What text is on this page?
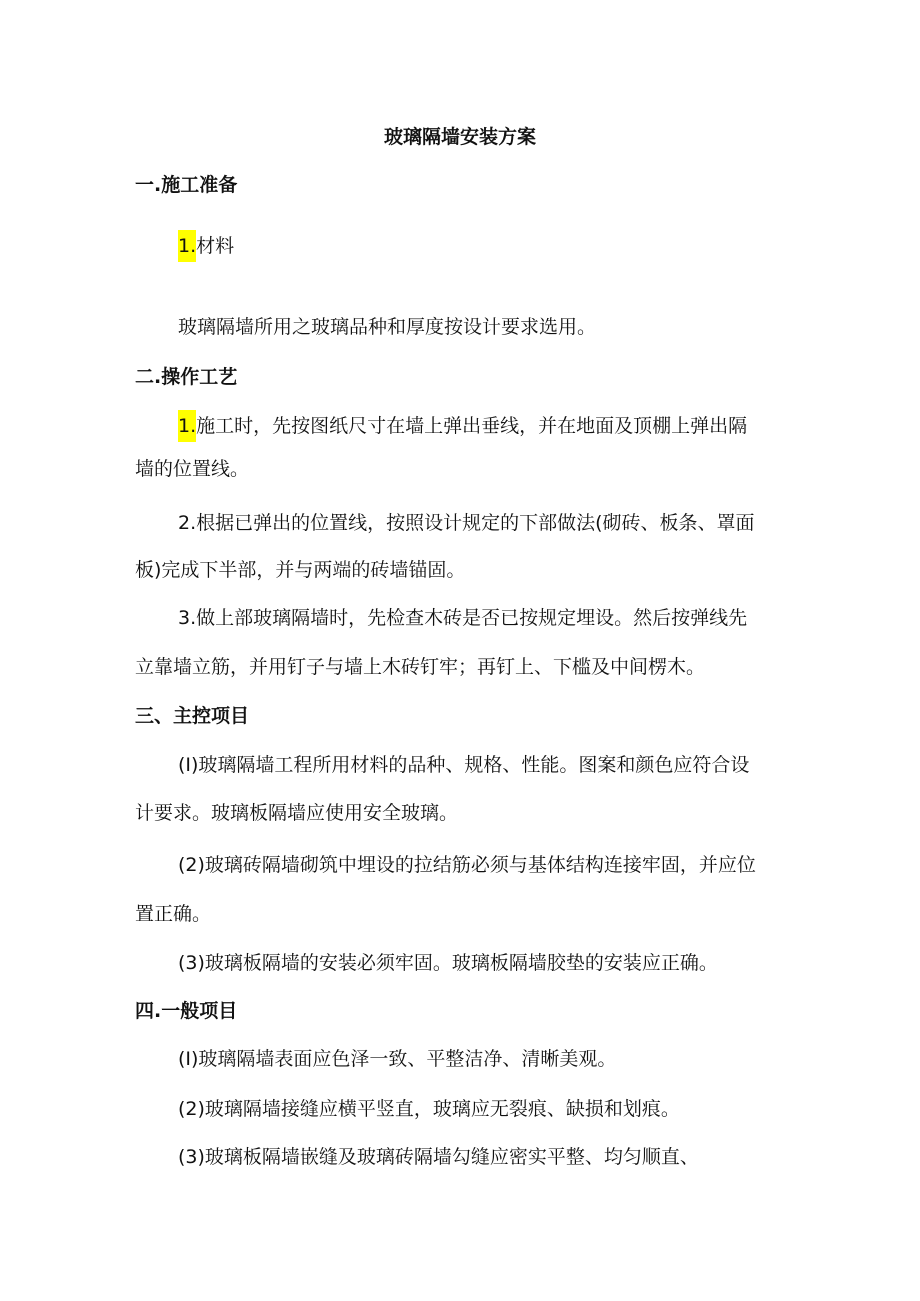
玻璃隔墙安装方案
一.施工准备
1.材料
玻璃隔墙所用之玻璃品种和厚度按设计要求选用。
二.操作工艺
1.施工时，先按图纸尺寸在墙上弹出垂线，并在地面及顶棚上弹出隔
墙的位置线。
2.根据已弹出的位置线，按照设计规定的下部做法(砌砖、板条、罩面
板)完成下半部，并与两端的砖墙锚固。
3.做上部玻璃隔墙时，先检查木砖是否已按规定埋设。然后按弹线先
立靠墙立筋，并用钉子与墙上木砖钉牢；再钉上、下槛及中间楞木。
三、主控项目
(I)玻璃隔墙工程所用材料的品种、规格、性能。图案和颜色应符合设
计要求。玻璃板隔墙应使用安全玻璃。
(2)玻璃砖隔墙砌筑中埋设的拉结筋必须与基体结构连接牢固，并应位
置正确。
(3)玻璃板隔墙的安装必须牢固。玻璃板隔墙胶垫的安装应正确。
四.一般项目
(I)玻璃隔墙表面应色泽一致、平整洁净、清晰美观。
(2)玻璃隔墙接缝应横平竖直，玻璃应无裂痕、缺损和划痕。
(3)玻璃板隔墙嵌缝及玻璃砖隔墙勾缝应密实平整、均匀顺直、
